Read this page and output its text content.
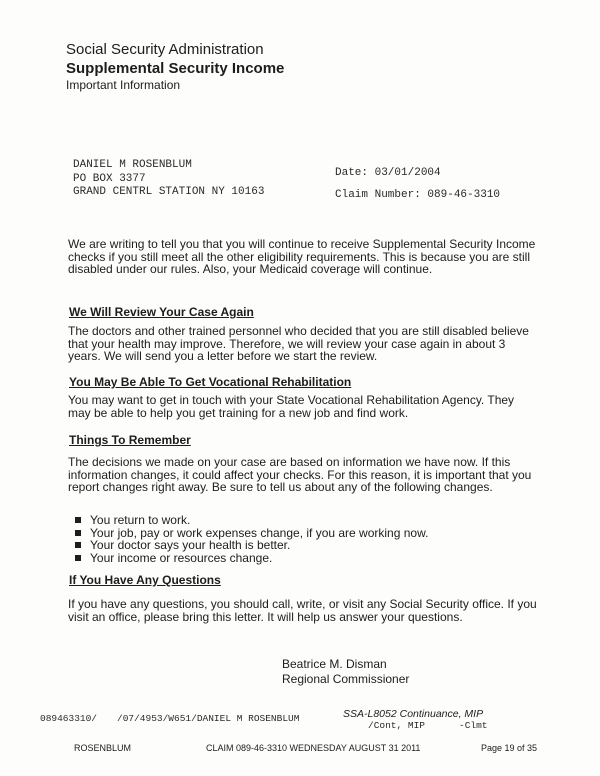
Social Security Administration
Supplemental Security Income
Important Information
DANIEL M ROSENBLUM
PO BOX 3377
GRAND CENTRL STATION NY 10163
Date: 03/01/2004
Claim Number: 089-46-3310

We are writing to tell you that you will continue to receive Supplemental Security Income checks if you still meet all the other eligibility requirements. This is because you are still disabled under our rules. Also, your Medicaid coverage will continue.

We Will Review Your Case Again

The doctors and other trained personnel who decided that you are still disabled believe that your health may improve. Therefore, we will review your case again in about 3 years. We will send you a letter before we start the review.

You May Be Able To Get Vocational Rehabilitation

You may want to get in touch with your State Vocational Rehabilitation Agency. They may be able to help you get training for a new job and find work.

Things To Remember

The decisions we made on your case are based on information we have now. If this information changes, it could affect your checks. For this reason, it is important that you report changes right away. Be sure to tell us about any of the following changes.

You return to work.
Your job, pay or work expenses change, if you are working now.
Your doctor says your health is better.
Your income or resources change.
If You Have Any Questions

If you have any questions, you should call, write, or visit any Social Security office. If you visit an office, please bring this letter. It will help us answer your questions.

Beatrice M. Disman
Regional Commissioner
089463310/ /07/4953/W651/DANIEL M ROSENBLUM	SSA-L8052 Continuance, MIP
/Cont, MIP	-Clmt
ROSENBLUM	CLAIM 089-46-3310 WEDNESDAY AUGUST 31 2011	Page 19 of 35
